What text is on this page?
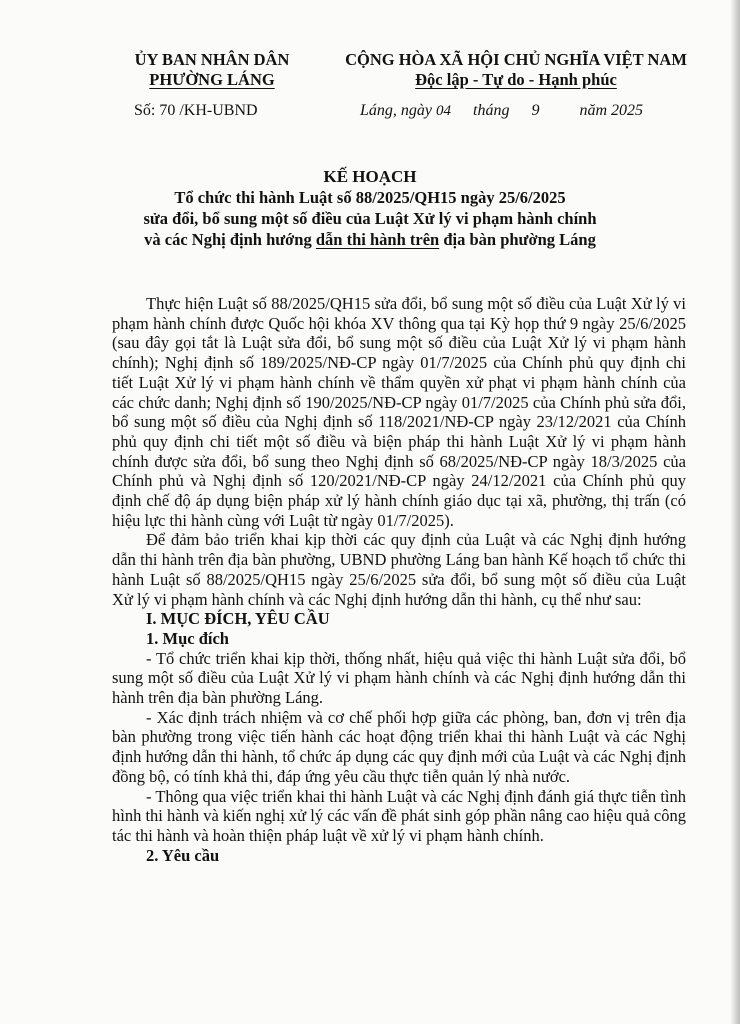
ỦY BAN NHÂN DÂN
PHƯỜNG LÁNG
CỘNG HÒA XÃ HỘI CHỦ NGHĨA VIỆT NAM
Độc lập - Tự do - Hạnh phúc
Số: 70 /KH-UBND	Láng, ngày 04 tháng 9	năm 2025
KẾ HOẠCH
Tổ chức thi hành Luật số 88/2025/QH15 ngày 25/6/2025
sửa đổi, bổ sung một số điều của Luật Xử lý vi phạm hành chính
và các Nghị định hướng dẫn thi hành trên địa bàn phường Láng

Thực hiện Luật số 88/2025/QH15 sửa đổi, bổ sung một số điều của Luật Xử lý vi phạm hành chính được Quốc hội khóa XV thông qua tại Kỳ họp thứ 9 ngày 25/6/2025 (sau đây gọi tắt là Luật sửa đổi, bổ sung một số điều của Luật Xử lý vi phạm hành chính); Nghị định số 189/2025/NĐ-CP ngày 01/7/2025 của Chính phủ quy định chi tiết Luật Xử lý vi phạm hành chính về thẩm quyền xử phạt vi phạm hành chính của các chức danh; Nghị định số 190/2025/NĐ-CP ngày 01/7/2025 của Chính phủ sửa đổi, bổ sung một số điều của Nghị định số 118/2021/NĐ-CP ngày 23/12/2021 của Chính phủ quy định chi tiết một số điều và biện pháp thi hành Luật Xử lý vi phạm hành chính được sửa đổi, bổ sung theo Nghị định số 68/2025/NĐ-CP ngày 18/3/2025 của Chính phủ và Nghị định số 120/2021/NĐ-CP ngày 24/12/2021 của Chính phủ quy định chế độ áp dụng biện pháp xử lý hành chính giáo dục tại xã, phường, thị trấn (có hiệu lực thi hành cùng với Luật từ ngày 01/7/2025).

Để đảm bảo triển khai kịp thời các quy định của Luật và các Nghị định hướng dẫn thi hành trên địa bàn phường, UBND phường Láng ban hành Kế hoạch tổ chức thi hành Luật số 88/2025/QH15 ngày 25/6/2025 sửa đổi, bổ sung một số điều của Luật Xử lý vi phạm hành chính và các Nghị định hướng dẫn thi hành, cụ thể như sau:

I. MỤC ĐÍCH, YÊU CẦU
1. Mục đích

- Tổ chức triển khai kịp thời, thống nhất, hiệu quả việc thi hành Luật sửa đổi, bổ sung một số điều của Luật Xử lý vi phạm hành chính và các Nghị định hướng dẫn thi hành trên địa bàn phường Láng.

- Xác định trách nhiệm và cơ chế phối hợp giữa các phòng, ban, đơn vị trên địa bàn phường trong việc tiến hành các hoạt động triển khai thi hành Luật và các Nghị định hướng dẫn thi hành, tổ chức áp dụng các quy định mới của Luật và các Nghị định đồng bộ, có tính khả thi, đáp ứng yêu cầu thực tiễn quản lý nhà nước.

- Thông qua việc triển khai thi hành Luật và các Nghị định đánh giá thực tiễn tình hình thi hành và kiến nghị xử lý các vấn đề phát sinh góp phần nâng cao hiệu quả công tác thi hành và hoàn thiện pháp luật về xử lý vi phạm hành chính.

2. Yêu cầu
